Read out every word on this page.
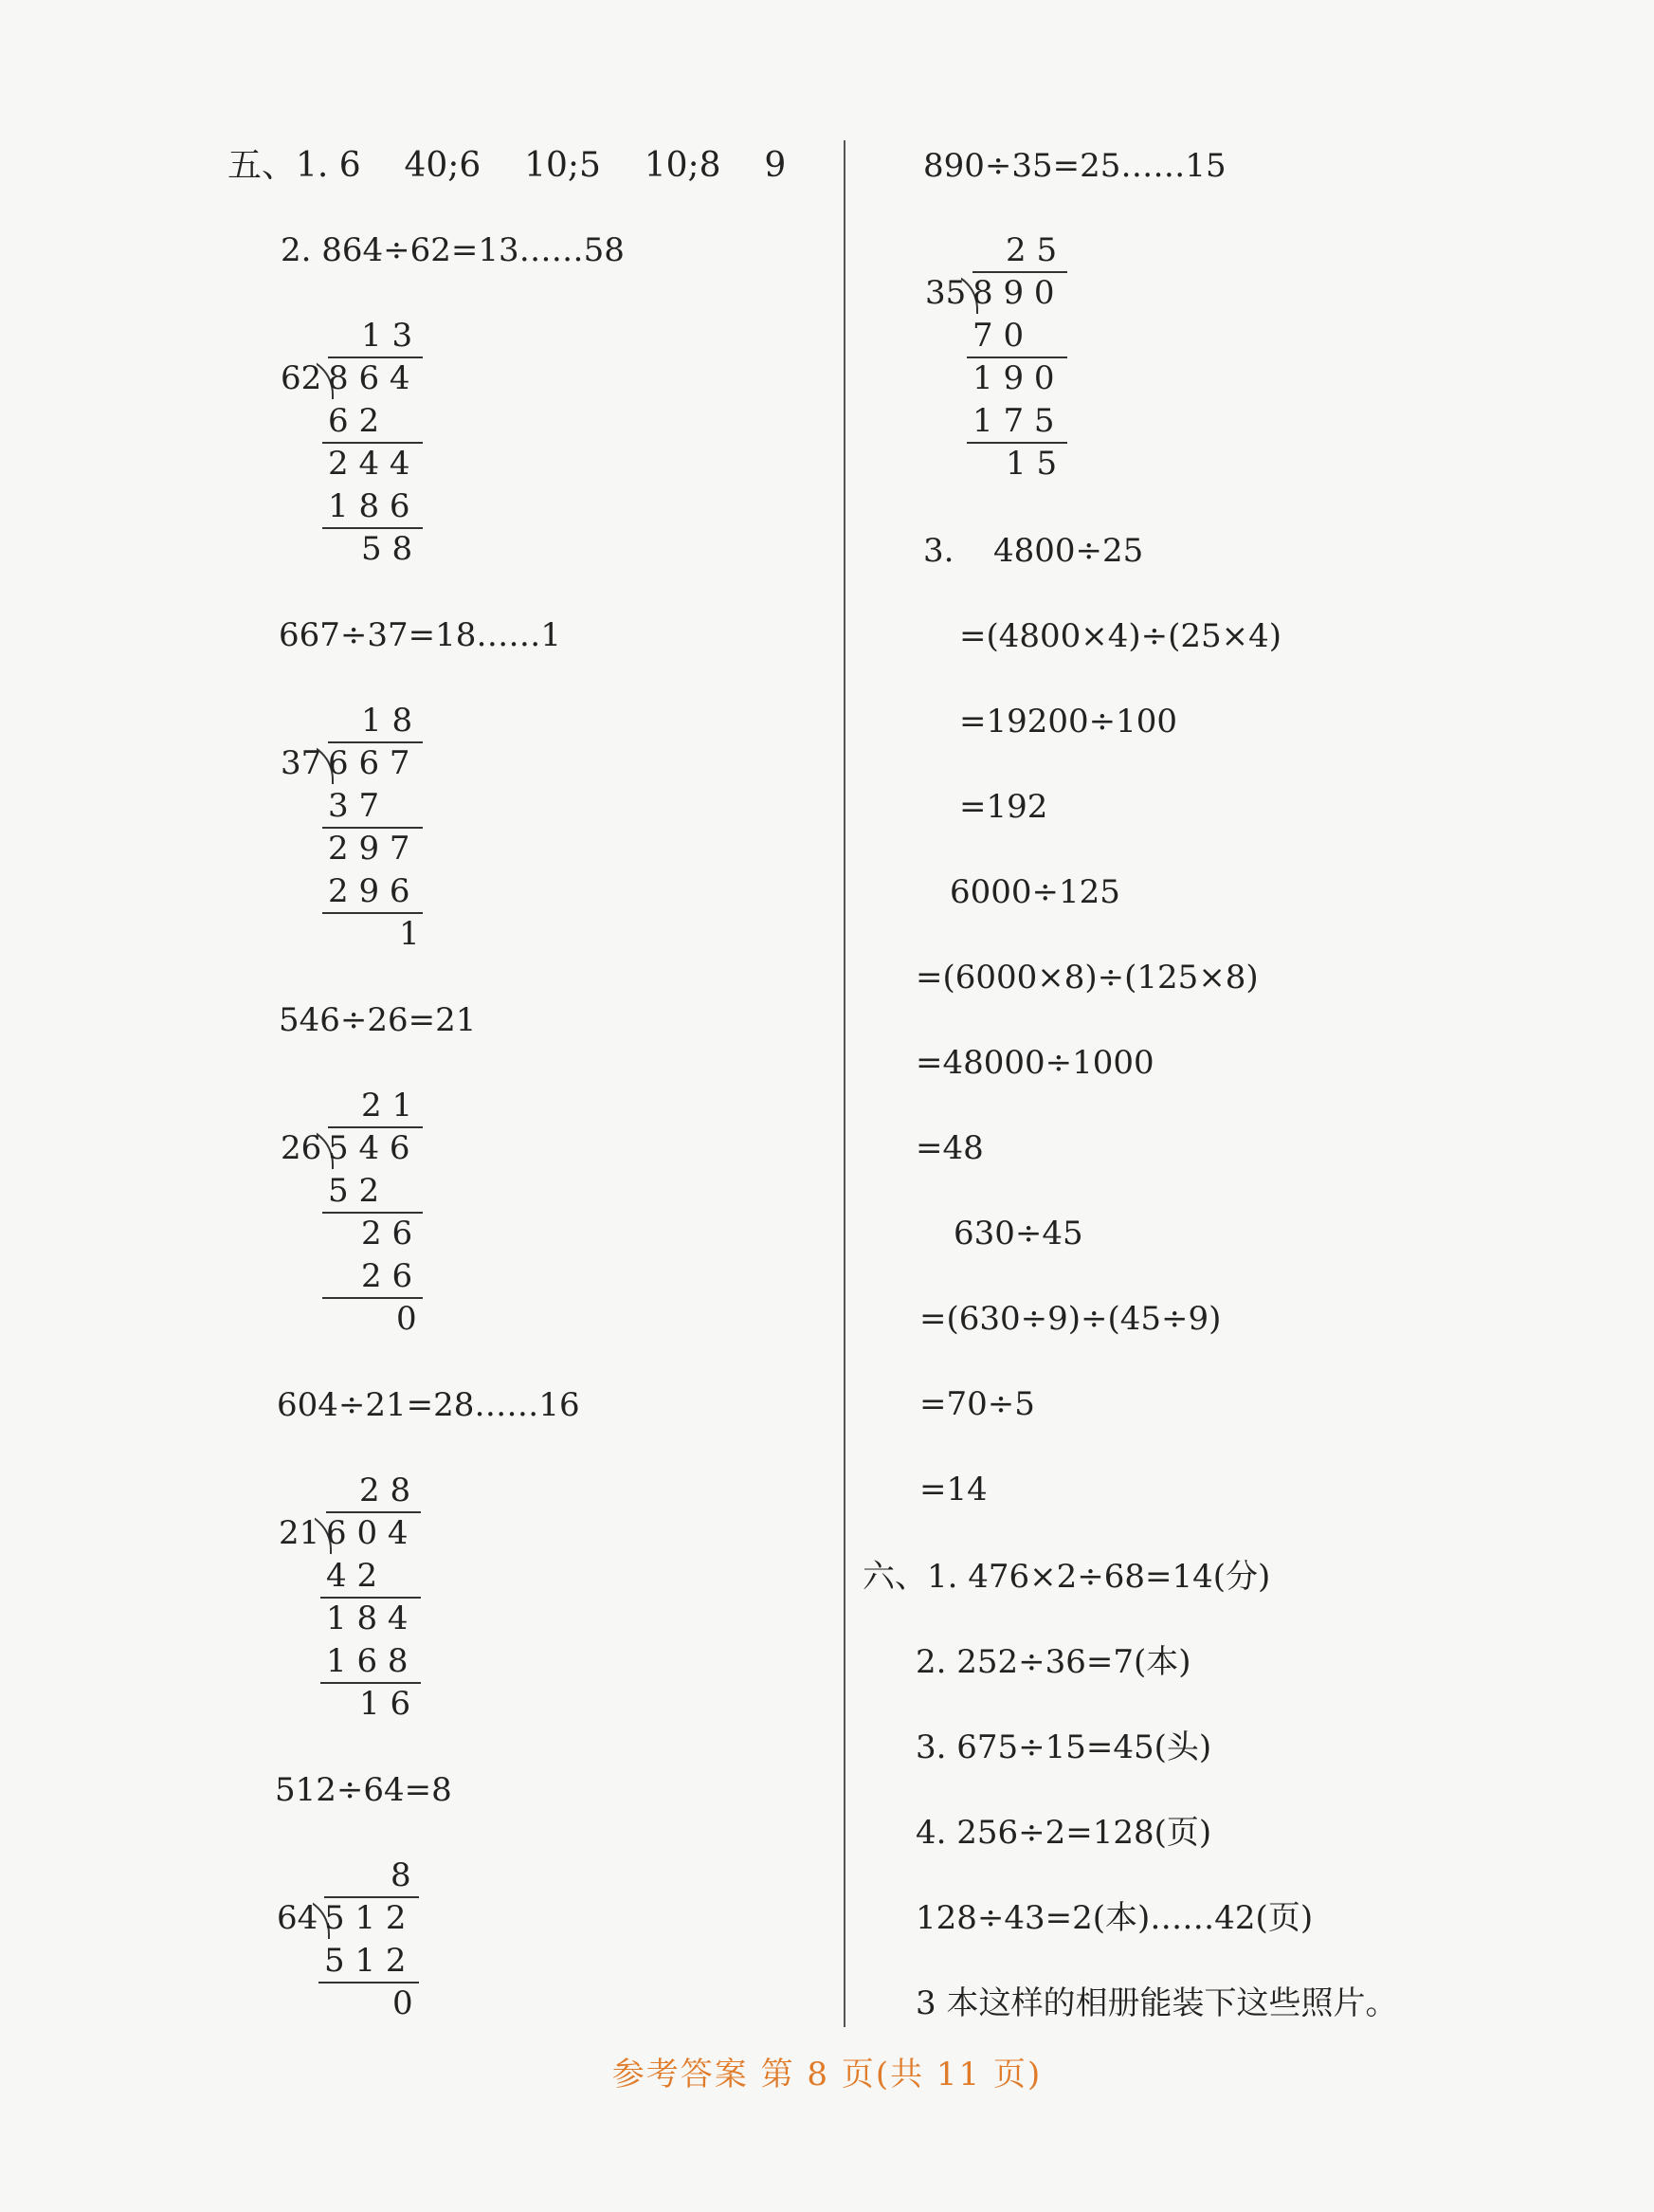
五、1. 6    40;6    10;5    10;8    9
2. 864÷62=13……58
1 3
62 8 6 4
6 2
2 4 4
1 8 6
5 8
667÷37=18……1
1 8
37 6 6 7
3 7
2 9 7
2 9 6
1
546÷26=21
2 1
26 5 4 6
5 2
2 6
2 6
0
604÷21=28……16
2 8
21 6 0 4
4 2
1 8 4
1 6 8
1 6
512÷64=8
8
64 5 1 2
5 1 2
0
890÷35=25……15
2 5
35 8 9 0
7 0
1 9 0
1 7 5
1 5
3. 4800÷25
=(4800×4)÷(25×4)
=19200÷100
=192
6000÷125
=(6000×8)÷(125×8)
=48000÷1000
=48
630÷45
=(630÷9)÷(45÷9)
=70÷5
=14
六、1. 476×2÷68=14(分)
2. 252÷36=7(本)
3. 675÷15=45(头)
4. 256÷2=128(页)
128÷43=2(本)……42(页)
3 本这样的相册能装下这些照片。
参考答案 第 8 页(共 11 页)
